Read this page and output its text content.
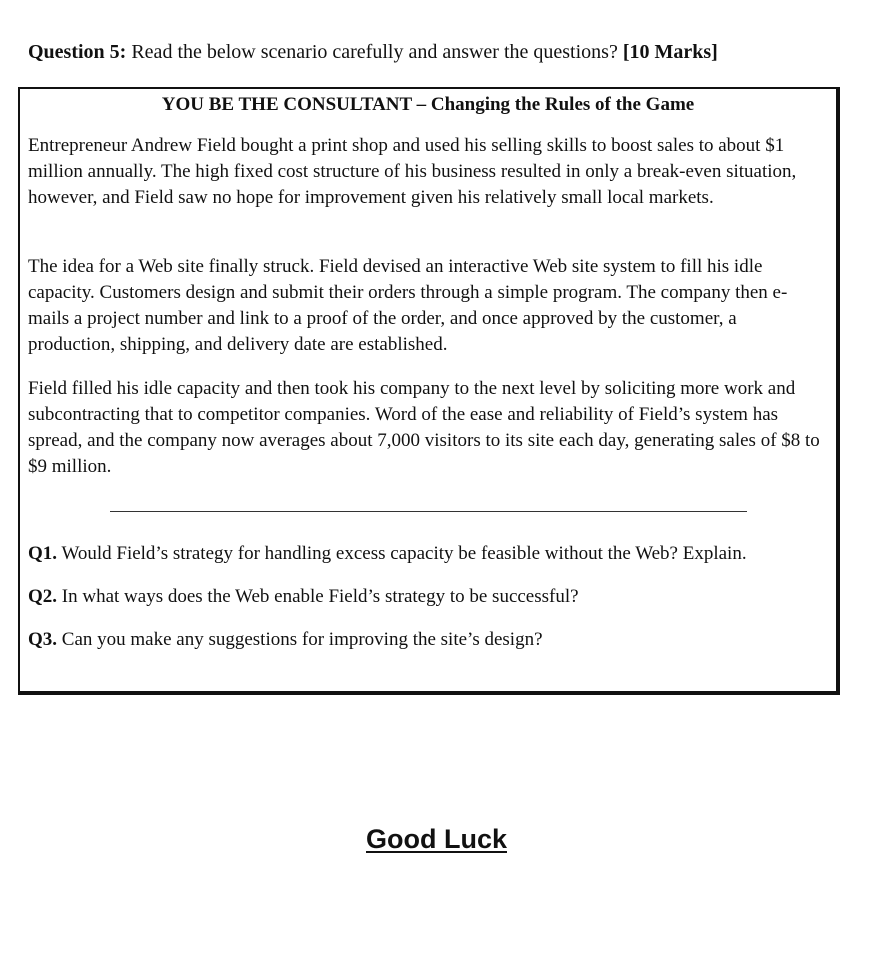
Question 5: Read the below scenario carefully and answer the questions? [10 Marks]
YOU BE THE CONSULTANT – Changing the Rules of the Game
Entrepreneur Andrew Field bought a print shop and used his selling skills to boost sales to about $1 million annually. The high fixed cost structure of his business resulted in only a break-even situation, however, and Field saw no hope for improvement given his relatively small local markets.
The idea for a Web site finally struck. Field devised an interactive Web site system to fill his idle capacity. Customers design and submit their orders through a simple program. The company then e-mails a project number and link to a proof of the order, and once approved by the customer, a production, shipping, and delivery date are established.
Field filled his idle capacity and then took his company to the next level by soliciting more work and subcontracting that to competitor companies. Word of the ease and reliability of Field’s system has spread, and the company now averages about 7,000 visitors to its site each day, generating sales of $8 to $9 million.
Q1. Would Field’s strategy for handling excess capacity be feasible without the Web? Explain.
Q2. In what ways does the Web enable Field’s strategy to be successful?
Q3. Can you make any suggestions for improving the site’s design?
Good Luck
